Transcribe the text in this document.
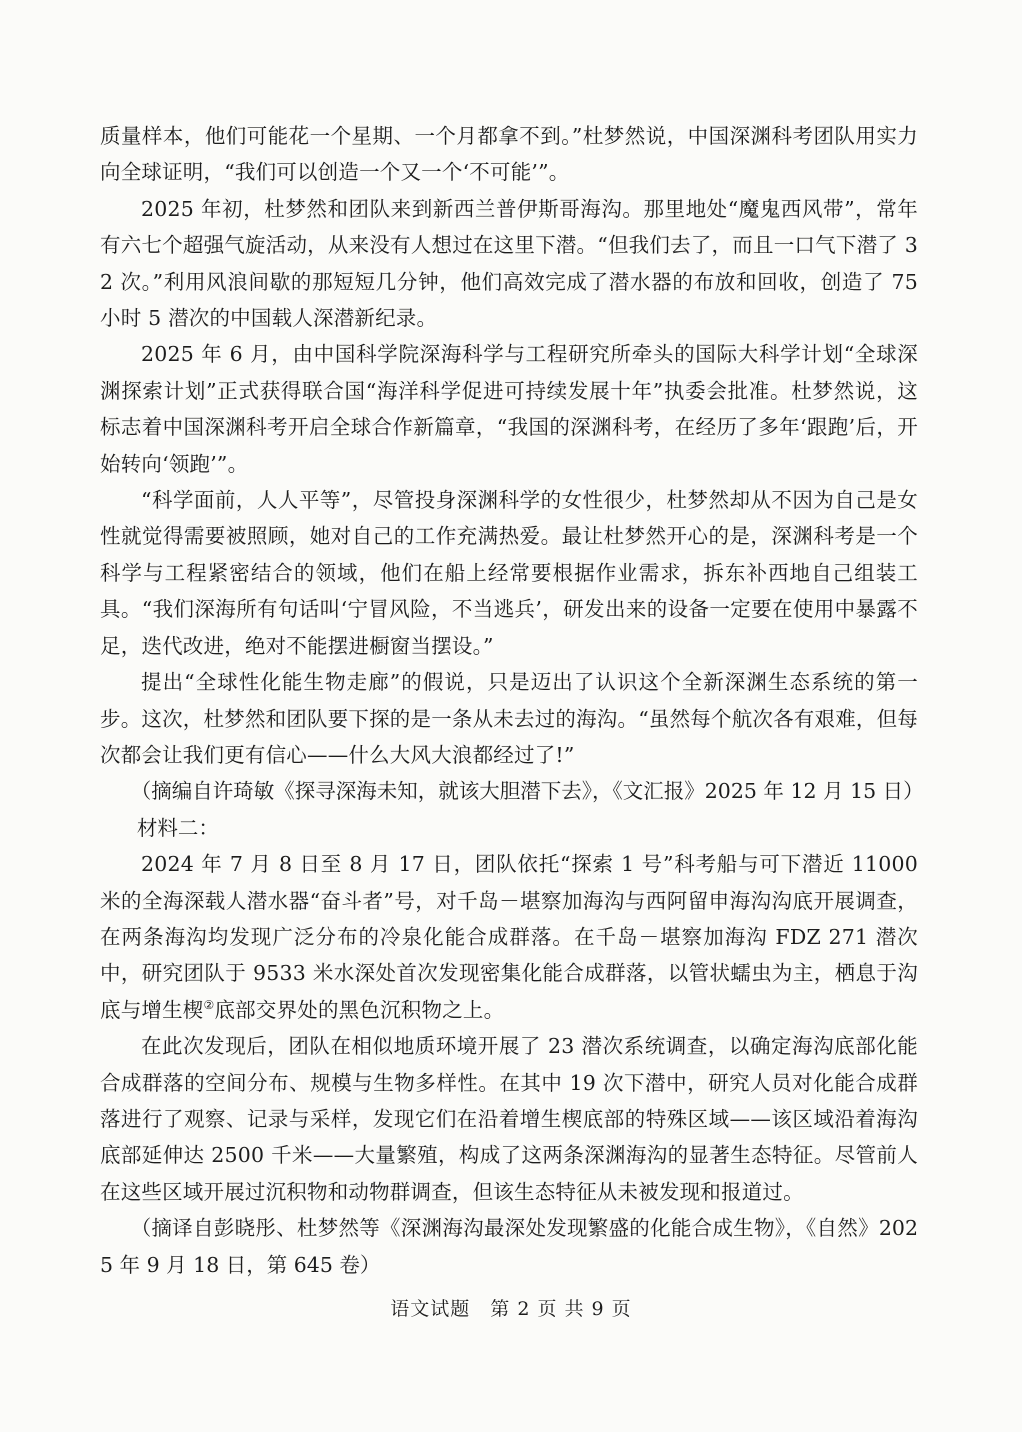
质量样本，他们可能花一个星期、一个月都拿不到。”杜梦然说，中国深渊科考团队用实力向全球证明，“我们可以创造一个又一个‘不可能’”。

2025 年初，杜梦然和团队来到新西兰普伊斯哥海沟。那里地处“魔鬼西风带”，常年有六七个超强气旋活动，从来没有人想过在这里下潜。“但我们去了，而且一口气下潜了 32 次。”利用风浪间歇的那短短几分钟，他们高效完成了潜水器的布放和回收，创造了 75 小时 5 潜次的中国载人深潜新纪录。

2025 年 6 月，由中国科学院深海科学与工程研究所牵头的国际大科学计划“全球深渊探索计划”正式获得联合国“海洋科学促进可持续发展十年”执委会批准。杜梦然说，这标志着中国深渊科考开启全球合作新篇章，“我国的深渊科考，在经历了多年‘跟跑’后，开始转向‘领跑’”。

“科学面前，人人平等”，尽管投身深渊科学的女性很少，杜梦然却从不因为自己是女性就觉得需要被照顾，她对自己的工作充满热爱。最让杜梦然开心的是，深渊科考是一个科学与工程紧密结合的领域，他们在船上经常要根据作业需求，拆东补西地自己组装工具。“我们深海所有句话叫‘宁冒风险，不当逃兵’，研发出来的设备一定要在使用中暴露不足，迭代改进，绝对不能摆进橱窗当摆设。”

提出“全球性化能生物走廊”的假说，只是迈出了认识这个全新深渊生态系统的第一步。这次，杜梦然和团队要下探的是一条从未去过的海沟。“虽然每个航次各有艰难，但每次都会让我们更有信心——什么大风大浪都经过了!”

（摘编自许琦敏《探寻深海未知，就该大胆潜下去》，《文汇报》2025 年 12 月 15 日）

材料二：

2024 年 7 月 8 日至 8 月 17 日，团队依托“探索 1 号”科考船与可下潜近 11000 米的全海深载人潜水器“奋斗者”号，对千岛－堪察加海沟与西阿留申海沟沟底开展调查，在两条海沟均发现广泛分布的冷泉化能合成群落。在千岛－堪察加海沟 FDZ 271 潜次中，研究团队于 9533 米水深处首次发现密集化能合成群落，以管状蠕虫为主，栖息于沟底与增生楔②底部交界处的黑色沉积物之上。

在此次发现后，团队在相似地质环境开展了 23 潜次系统调查，以确定海沟底部化能合成群落的空间分布、规模与生物多样性。在其中 19 次下潜中，研究人员对化能合成群落进行了观察、记录与采样，发现它们在沿着增生楔底部的特殊区域——该区域沿着海沟底部延伸达 2500 千米——大量繁殖，构成了这两条深渊海沟的显著生态特征。尽管前人在这些区域开展过沉积物和动物群调查，但该生态特征从未被发现和报道过。

（摘译自彭晓彤、杜梦然等《深渊海沟最深处发现繁盛的化能合成生物》，《自然》2025 年 9 月 18 日，第 645 卷）

语文试题　第 2 页 共 9 页
